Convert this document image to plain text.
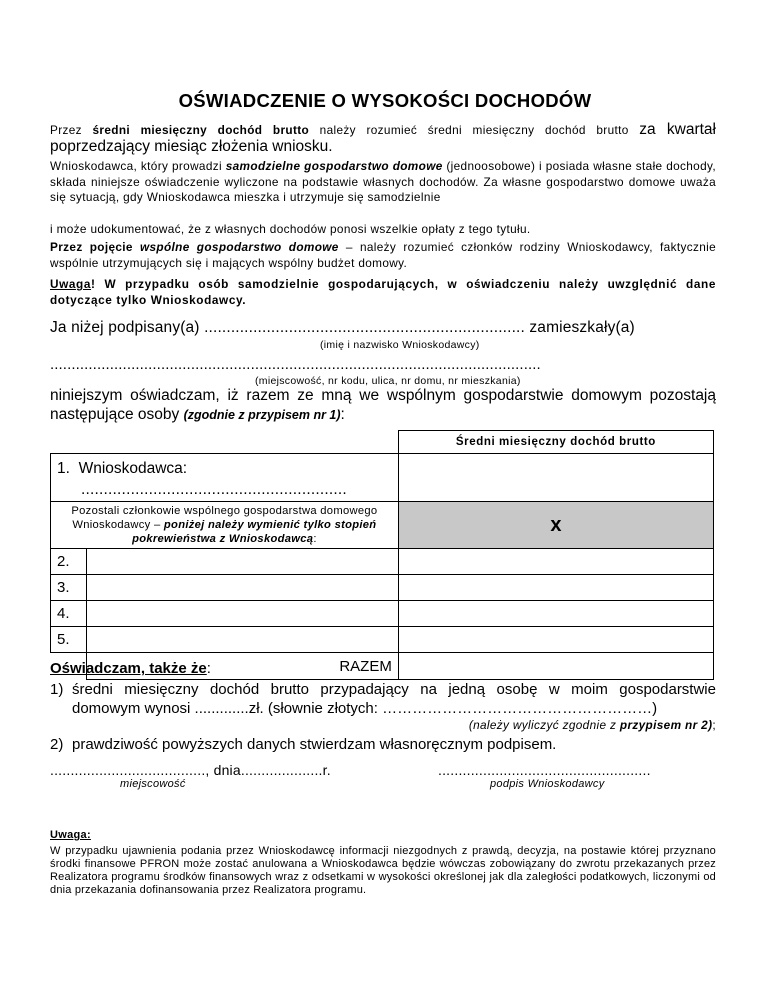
OŚWIADCZENIE O WYSOKOŚCI DOCHODÓW
Przez średni miesięczny dochód brutto należy rozumieć średni miesięczny dochód brutto za kwartał poprzedzający miesiąc złożenia wniosku.
Wnioskodawca, który prowadzi samodzielne gospodarstwo domowe (jednoosobowe) i posiada własne stałe dochody, składa niniejsze oświadczenie wyliczone na podstawie własnych dochodów. Za własne gospodarstwo domowe uważa się sytuacją, gdy Wnioskodawca mieszka i utrzymuje się samodzielnie
i może udokumentować, że z własnych dochodów ponosi wszelkie opłaty z tego tytułu.
Przez pojęcie wspólne gospodarstwo domowe – należy rozumieć członków rodziny Wnioskodawcy, faktycznie wspólnie utrzymujących się i mających wspólny budżet domowy.
Uwaga! W przypadku osób samodzielnie gospodarujących, w oświadczeniu należy uwzględnić dane dotyczące tylko Wnioskodawcy.
Ja niżej podpisany(a) ........................................................................ zamieszkały(a)
(imię i nazwisko Wnioskodawcy)
...................................................................................................................
(miejscowość, nr kodu, ulica, nr domu, nr mieszkania)
niniejszym oświadczam, iż razem ze mną we wspólnym gospodarstwie domowym pozostają następujące osoby (zgodnie z przypisem nr 1):
		Średni miesięczny dochód brutto
1. Wnioskodawca:
...........................................................		
Pozostali członkowie wspólnego gospodarstwa domowego Wnioskodawcy – poniżej należy wymienić tylko stopień pokrewieństwa z Wnioskodawcą:		x
2.		
3.		
4.		
5.		
	RAZEM	
Oświadczam, także że:
1) średni miesięczny dochód brutto przypadający na jedną osobę w moim gospodarstwie
domowym wynosi .............zł. (słownie złotych: ………………………………………………)
(należy wyliczyć zgodnie z przypisem nr 2);
2) prawdziwość powyższych danych stwierdzam własnoręcznym podpisem.
......................................, dnia....................r.
miejscowość
....................................................
podpis Wnioskodawcy
Uwaga:
W przypadku ujawnienia podania przez Wnioskodawcę informacji niezgodnych z prawdą, decyzja, na postawie której przyznano środki finansowe PFRON może zostać anulowana a Wnioskodawca będzie wówczas zobowiązany do zwrotu przekazanych przez Realizatora programu środków finansowych wraz z odsetkami w wysokości określonej jak dla zaległości podatkowych, liczonymi od dnia przekazania dofinansowania przez Realizatora programu.
